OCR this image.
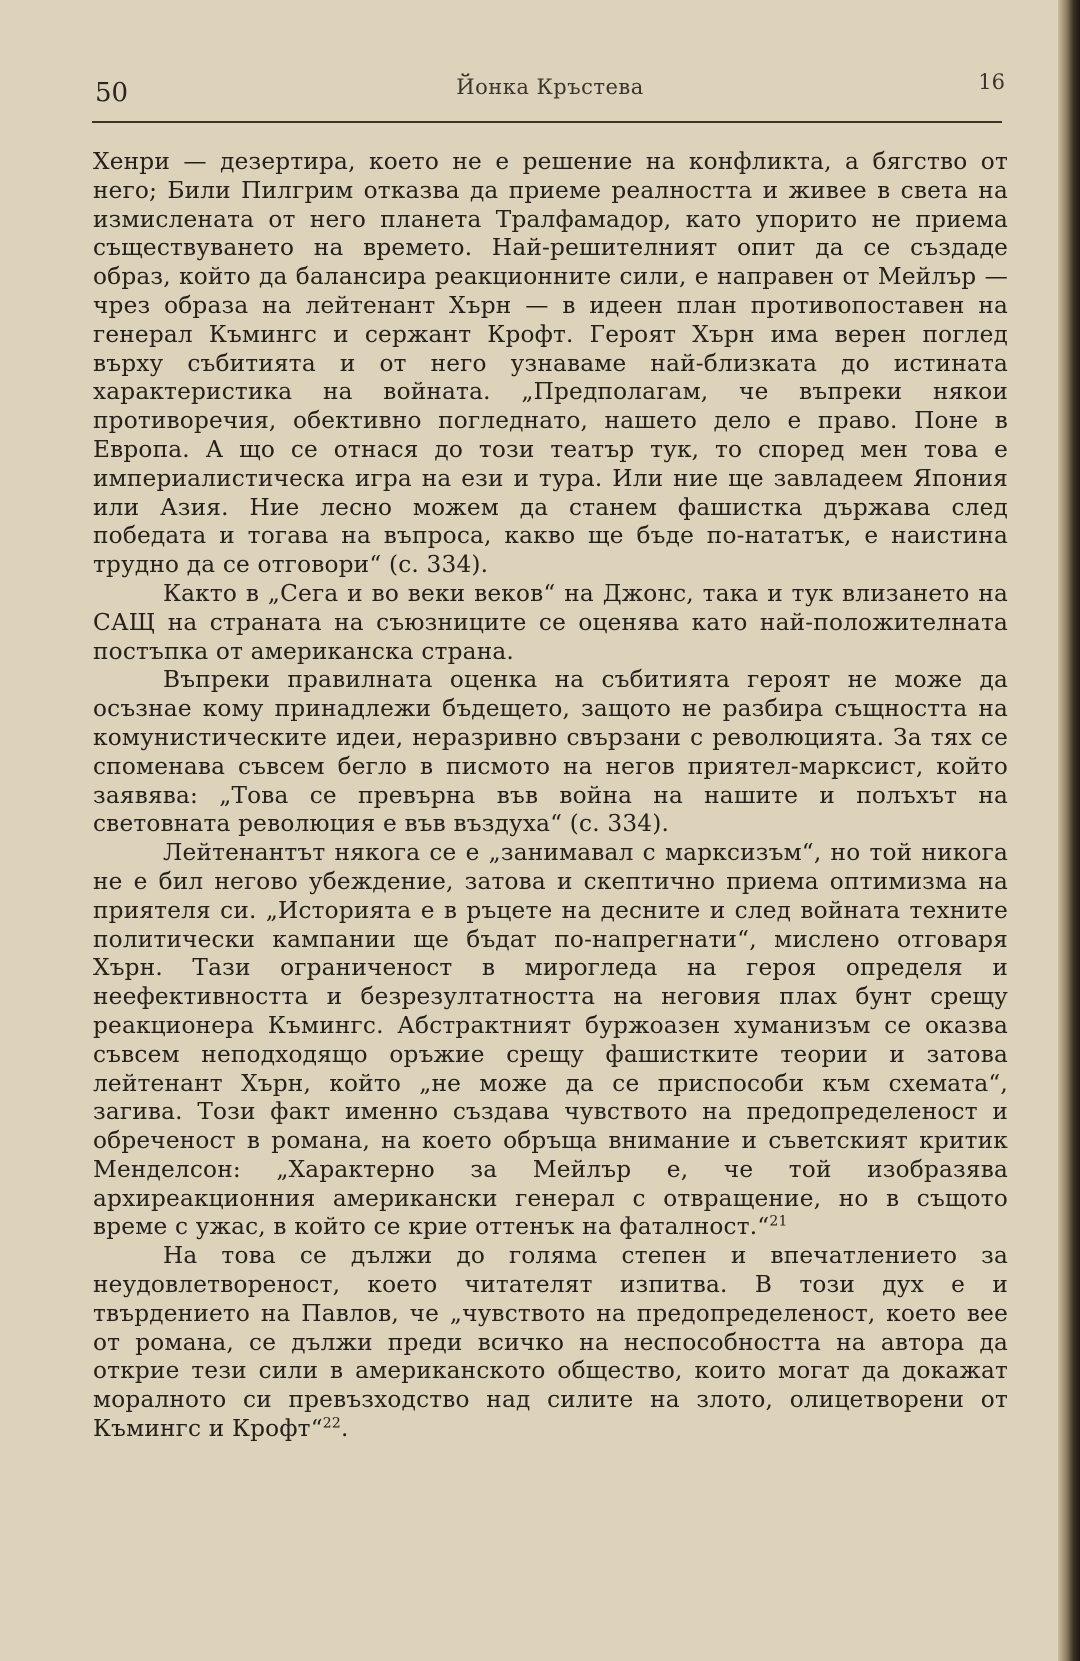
50	Йонка Кръстева	16

Хенри — дезертира, което не е решение на конфликта, а бягство от него; Били Пилгрим отказва да приеме реалността и живее в света на измислената от него планета Тралфамадор, като упорито не приема съществуването на времето. Най-решителният опит да се създаде образ, който да балансира реакционните сили, е направен от Мейлър — чрез образа на лейтенант Хърн — в идеен план противопоставен на генерал Къмингс и сержант Крофт. Героят Хърн има верен поглед върху събитията и от него узнаваме най-близката до истината характеристика на войната. „Предполагам, че въпреки някои противоречия, обективно погледнато, нашето дело е право. Поне в Европа. А що се отнася до този театър тук, то според мен това е империалистическа игра на ези и тура. Или ние ще завладеем Япония или Азия. Ние лесно можем да станем фашистка държава след победата и тогава на въпроса, какво ще бъде по-нататък, е наистина трудно да се отговори“ (с. 334).

Както в „Сега и во веки веков“ на Джонс, така и тук влизането на САЩ на страната на съюзниците се оценява като най-положителната постъпка от американска страна.

Въпреки правилната оценка на събитията героят не може да осъзнае кому принадлежи бъдещето, защото не разбира същността на комунистическите идеи, неразривно свързани с революцията. За тях се споменава съвсем бегло в писмото на негов приятел-марксист, който заявява: „Това се превърна във война на нашите и полъхът на световната революция е във въздуха“ (с. 334).

Лейтенантът някога се е „занимавал с марксизъм“, но той никога не е бил негово убеждение, затова и скептично приема оптимизма на приятеля си. „Историята е в ръцете на десните и след войната техните политически кампании ще бъдат по-напрегнати“, мислено отговаря Хърн. Тази ограниченост в мирогледа на героя определя и неефективността и безрезултатността на неговия плах бунт срещу реакционера Къмингс. Абстрактният буржоазен хуманизъм се оказва съвсем неподходящо оръжие срещу фашистките теории и затова лейтенант Хърн, който „не може да се приспособи към схемата“, загива. Този факт именно създава чувството на предопределеност и обреченост в романа, на което обръща внимание и съветският критик Менделсон: „Характерно за Мейлър е, че той изобразява архиреакционния американски генерал с отвращение, но в същото време с ужас, в който се крие оттенък на фаталност.“$^{21}$

На това се дължи до голяма степен и впечатлението за неудовлетвореност, което читателят изпитва. В този дух е и твърдението на Павлов, че „чувството на предопределеност, което вее от романа, се дължи преди всичко на неспособността на автора да открие тези сили в американското общество, които могат да докажат моралното си превъзходство над силите на злото, олицетворени от Къмингс и Крофт“$^{22}$.
